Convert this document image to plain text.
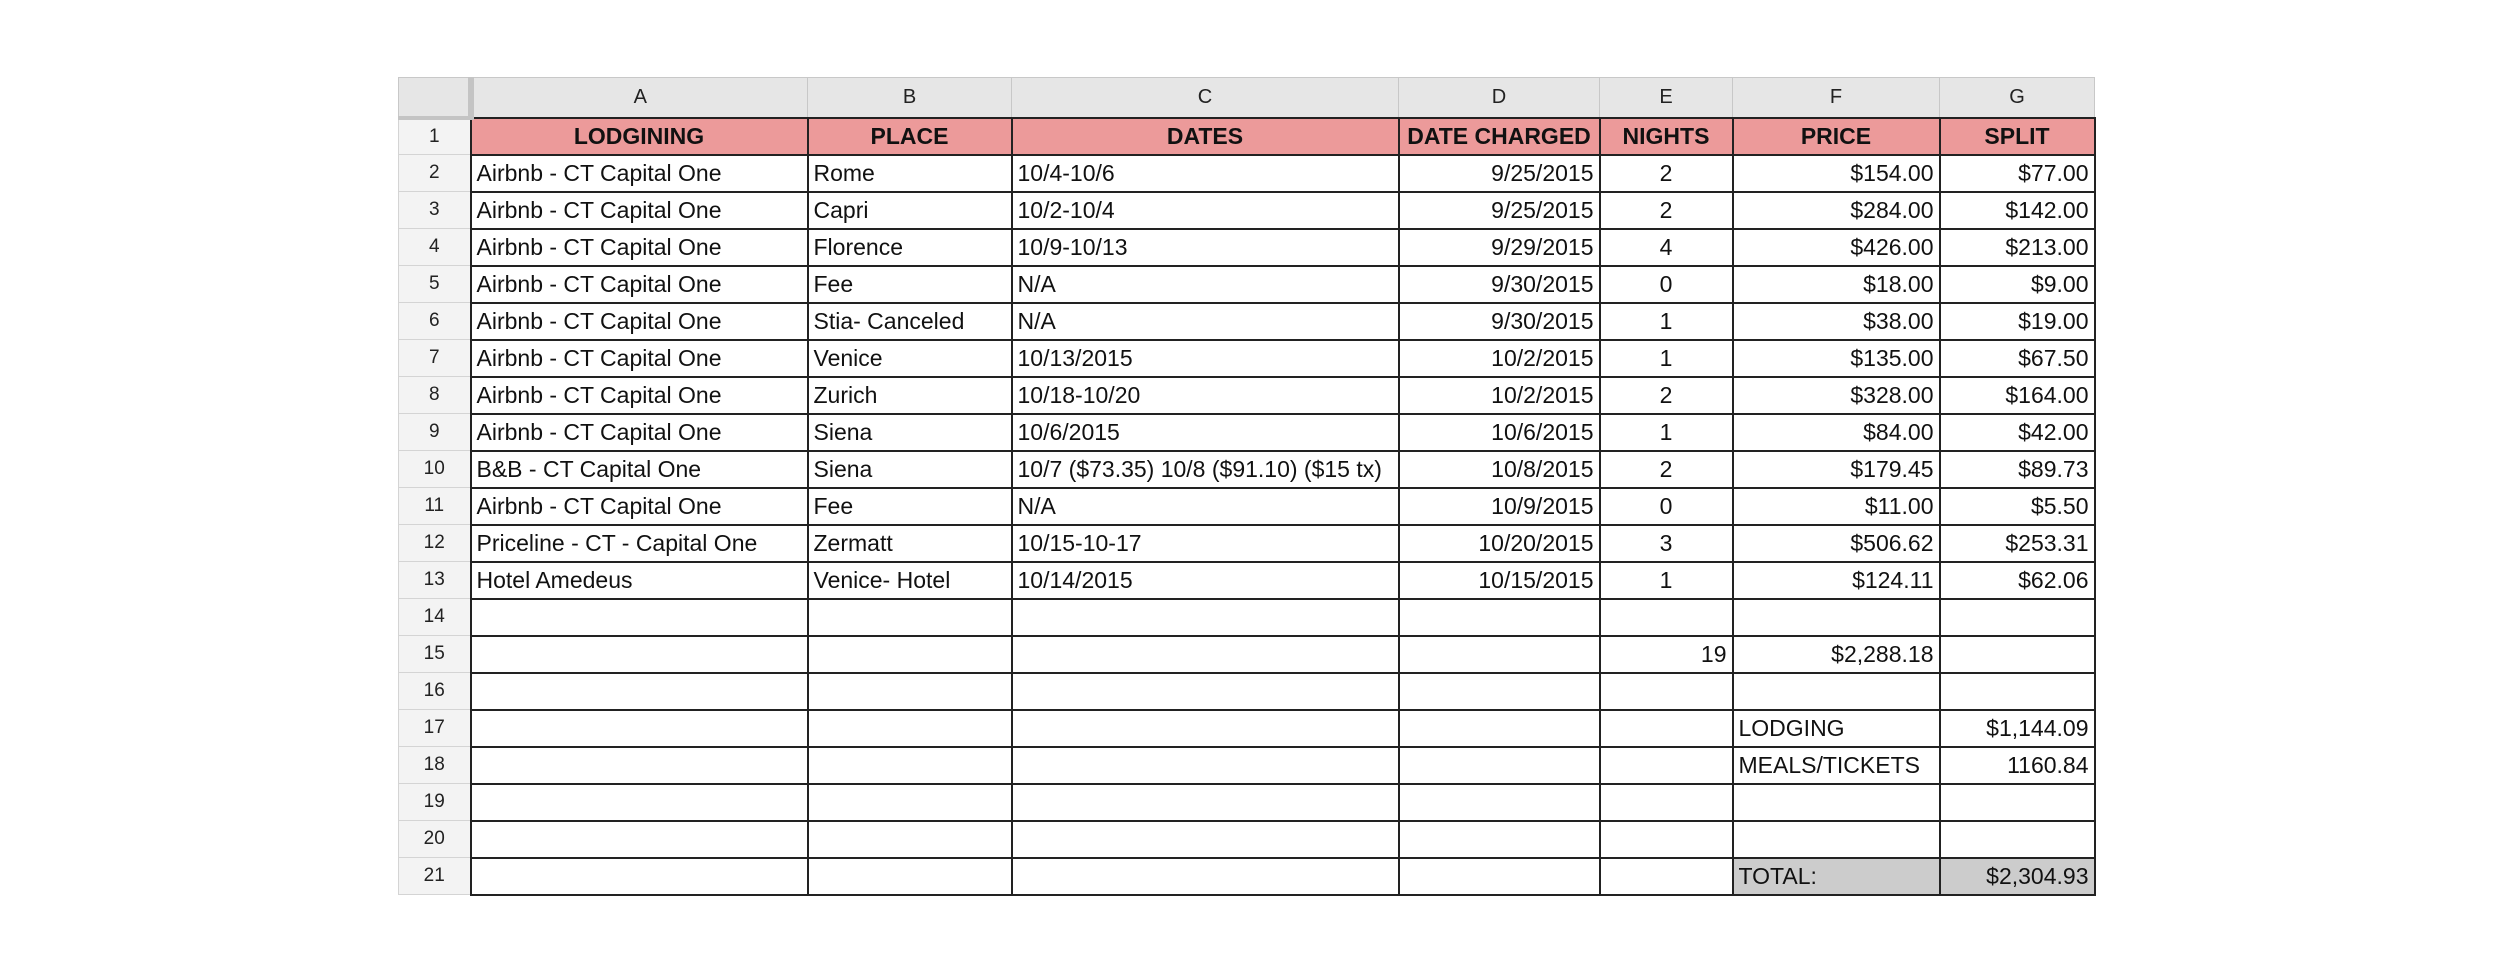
	A	B	C	D	E	F	G
1	LODGINING	PLACE	DATES	DATE CHARGED	NIGHTS	PRICE	SPLIT
2	Airbnb - CT Capital One	Rome	10/4-10/6	9/25/2015	2	$154.00	$77.00
3	Airbnb - CT Capital One	Capri	10/2-10/4	9/25/2015	2	$284.00	$142.00
4	Airbnb - CT Capital One	Florence	10/9-10/13	9/29/2015	4	$426.00	$213.00
5	Airbnb - CT Capital One	Fee	N/A	9/30/2015	0	$18.00	$9.00
6	Airbnb - CT Capital One	Stia- Canceled	N/A	9/30/2015	1	$38.00	$19.00
7	Airbnb - CT Capital One	Venice	10/13/2015	10/2/2015	1	$135.00	$67.50
8	Airbnb - CT Capital One	Zurich	10/18-10/20	10/2/2015	2	$328.00	$164.00
9	Airbnb - CT Capital One	Siena	10/6/2015	10/6/2015	1	$84.00	$42.00
10	B&B - CT Capital One	Siena	10/7 ($73.35) 10/8 ($91.10) ($15 tx)	10/8/2015	2	$179.45	$89.73
11	Airbnb - CT Capital One	Fee	N/A	10/9/2015	0	$11.00	$5.50
12	Priceline - CT - Capital One	Zermatt	10/15-10-17	10/20/2015	3	$506.62	$253.31
13	Hotel Amedeus	Venice- Hotel	10/14/2015	10/15/2015	1	$124.11	$62.06
14							
15					19	$2,288.18	
16							
17						LODGING	$1,144.09
18						MEALS/TICKETS	1160.84
19							
20							
21						TOTAL:	$2,304.93
